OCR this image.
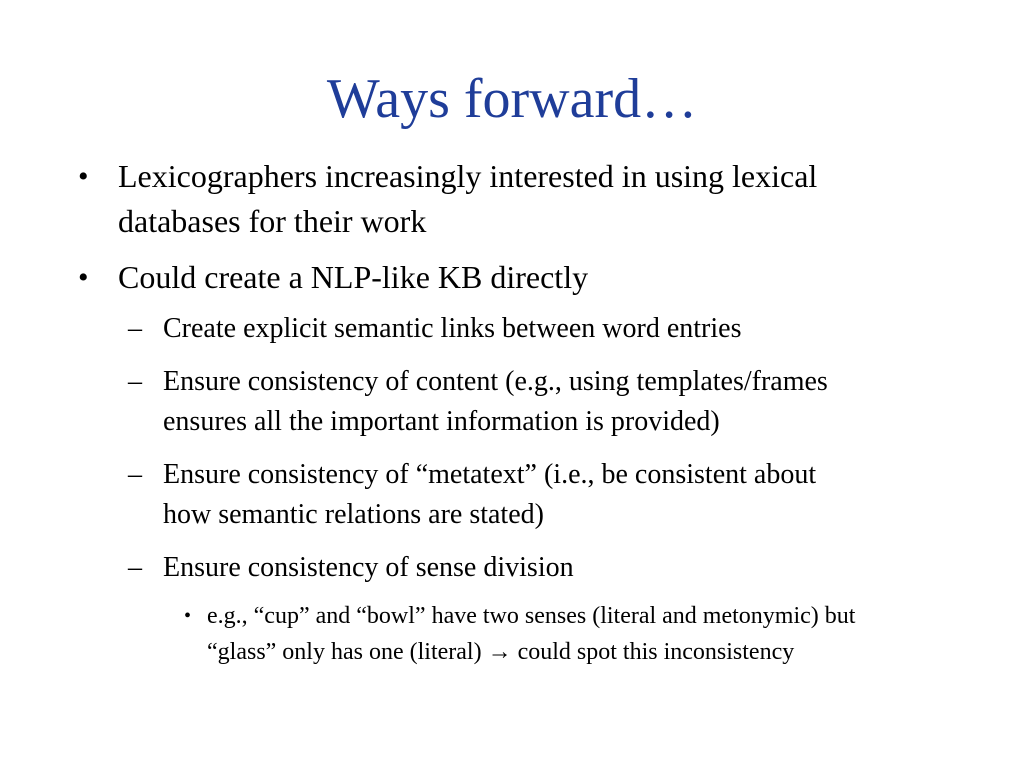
Ways forward…
• Lexicographers increasingly interested in using lexical
databases for their work
• Could create a NLP-like KB directly
– Create explicit semantic links between word entries
– Ensure consistency of content (e.g., using templates/frames
ensures all the important information is provided)
– Ensure consistency of “metatext” (i.e., be consistent about
how semantic relations are stated)
– Ensure consistency of sense division
• e.g., “cup” and “bowl” have two senses (literal and metonymic) but
“glass” only has one (literal) → could spot this inconsistency
